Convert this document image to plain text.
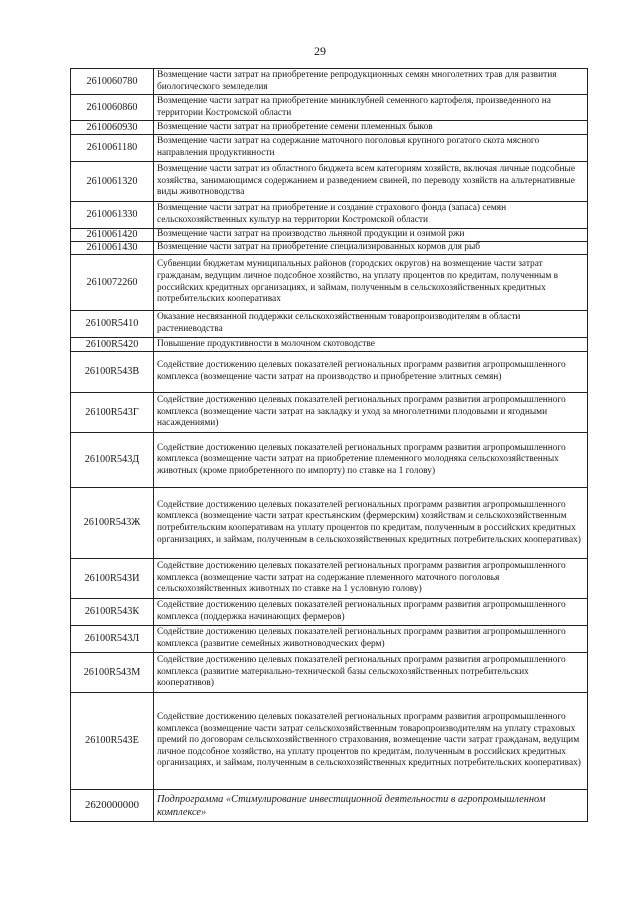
29
2610060780	Возмещение части затрат на приобретение репродукционных семян многолетних трав для развития биологического земледелия
2610060860	Возмещение части затрат на приобретение миниклубней семенного картофеля, произведенного на территории Костромской области
2610060930	Возмещение части затрат на приобретение семени племенных быков
2610061180	Возмещение части затрат на содержание маточного поголовья крупного рогатого скота мясного направления продуктивности
2610061320	Возмещение части затрат из областного бюджета всем категориям хозяйств, включая личные подсобные хозяйства, занимающимся содержанием и разведением свиней, по переводу хозяйств на альтернативные виды животноводства
2610061330	Возмещение части затрат на приобретение и создание страхового фонда (запаса) семян сельскохозяйственных культур на территории Костромской области
2610061420	Возмещение части затрат на производство льняной продукции и озимой ржи
2610061430	Возмещение части затрат на приобретение специализированных кормов для рыб
2610072260	Субвенции бюджетам муниципальных районов (городских округов) на возмещение части затрат гражданам, ведущим личное подсобное хозяйство, на уплату процентов по кредитам, полученным в российских кредитных организациях, и займам, полученным в сельскохозяйственных кредитных потребительских кооперативах
26100R5410	Оказание несвязанной поддержки сельскохозяйственным товаропроизводителям в области растениеводства
26100R5420	Повышение продуктивности в молочном скотоводстве
26100R543В	Содействие достижению целевых показателей региональных программ развития агропромышленного комплекса (возмещение части затрат на производство и приобретение элитных семян)
26100R543Г	Содействие достижению целевых показателей региональных программ развития агропромышленного комплекса (возмещение части затрат на закладку и уход за многолетними плодовыми и ягодными насаждениями)
26100R543Д	Содействие достижению целевых показателей региональных программ развития агропромышленного комплекса (возмещение части затрат на приобретение племенного молодняка сельскохозяйственных животных (кроме приобретенного по импорту) по ставке на 1 голову)
26100R543Ж	Содействие достижению целевых показателей региональных программ развития агропромышленного комплекса (возмещение части затрат крестьянским (фермерским) хозяйствам и сельскохозяйственным потребительским кооперативам на уплату процентов по кредитам, полученным в российских кредитных организациях, и займам, полученным в сельскохозяйственных кредитных потребительских кооперативах)
26100R543И	Содействие достижению целевых показателей региональных программ развития агропромышленного комплекса (возмещение части затрат на содержание племенного маточного поголовья сельскохозяйственных животных по ставке на 1 условную голову)
26100R543К	Содействие достижению целевых показателей региональных программ развития агропромышленного комплекса (поддержка начинающих фермеров)
26100R543Л	Содействие достижению целевых показателей региональных программ развития агропромышленного комплекса (развитие семейных животноводческих ферм)
26100R543М	Содействие достижению целевых показателей региональных программ развития агропромышленного комплекса (развитие материально-технической базы сельскохозяйственных потребительских кооперативов)
26100R543Е	Содействие достижению целевых показателей региональных программ развития агропромышленного комплекса (возмещение части затрат сельскохозяйственным товаропроизводителям на уплату страховых премий по договорам сельскохозяйственного страхования, возмещение части затрат гражданам, ведущим личное подсобное хозяйство, на уплату процентов по кредитам, полученным в российских кредитных организациях, и займам, полученным в сельскохозяйственных кредитных потребительских кооперативах)
2620000000	Подпрограмма «Стимулирование инвестиционной деятельности в агропромышленном комплексе»
